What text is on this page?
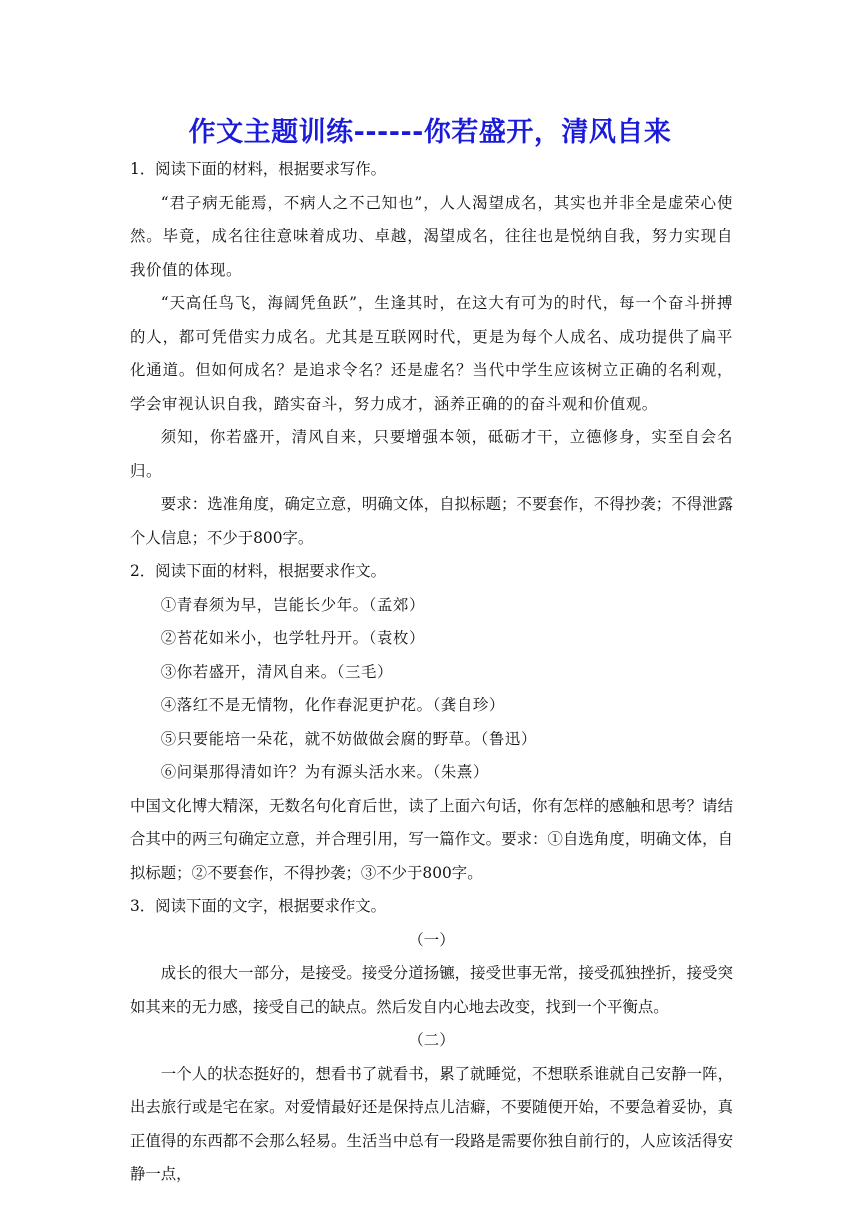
作文主题训练------你若盛开，清风自来

1．阅读下面的材料，根据要求写作。

“君子病无能焉，不病人之不己知也”，人人渴望成名，其实也并非全是虚荣心使然。毕竟，成名往往意味着成功、卓越，渴望成名，往往也是悦纳自我，努力实现自我价值的体现。

“天高任鸟飞，海阔凭鱼跃”，生逢其时，在这大有可为的时代，每一个奋斗拼搏的人，都可凭借实力成名。尤其是互联网时代，更是为每个人成名、成功提供了扁平化通道。但如何成名？是追求令名？还是虚名？当代中学生应该树立正确的名利观，学会审视认识自我，踏实奋斗，努力成才，涵养正确的的奋斗观和价值观。

须知，你若盛开，清风自来，只要增强本领，砥砺才干，立德修身，实至自会名归。

要求：选准角度，确定立意，明确文体，自拟标题；不要套作，不得抄袭；不得泄露个人信息；不少于800字。

2．阅读下面的材料，根据要求作文。

①青春须为早，岂能长少年。（孟郊）

②苔花如米小，也学牡丹开。（袁枚）

③你若盛开，清风自来。（三毛）

④落红不是无情物，化作春泥更护花。（龚自珍）

⑤只要能培一朵花，就不妨做做会腐的野草。（鲁迅）

⑥问渠那得清如许？为有源头活水来。（朱熹）

中国文化博大精深，无数名句化育后世，读了上面六句话，你有怎样的感触和思考？请结合其中的两三句确定立意，并合理引用，写一篇作文。要求：①自选角度，明确文体，自拟标题；②不要套作，不得抄袭；③不少于800字。

3．阅读下面的文字，根据要求作文。

（一）

成长的很大一部分，是接受。接受分道扬镳，接受世事无常，接受孤独挫折，接受突如其来的无力感，接受自己的缺点。然后发自内心地去改变，找到一个平衡点。

（二）

一个人的状态挺好的，想看书了就看书，累了就睡觉，不想联系谁就自己安静一阵，出去旅行或是宅在家。对爱情最好还是保持点儿洁癖，不要随便开始，不要急着妥协，真正值得的东西都不会那么轻易。生活当中总有一段路是需要你独自前行的，人应该活得安静一点，
